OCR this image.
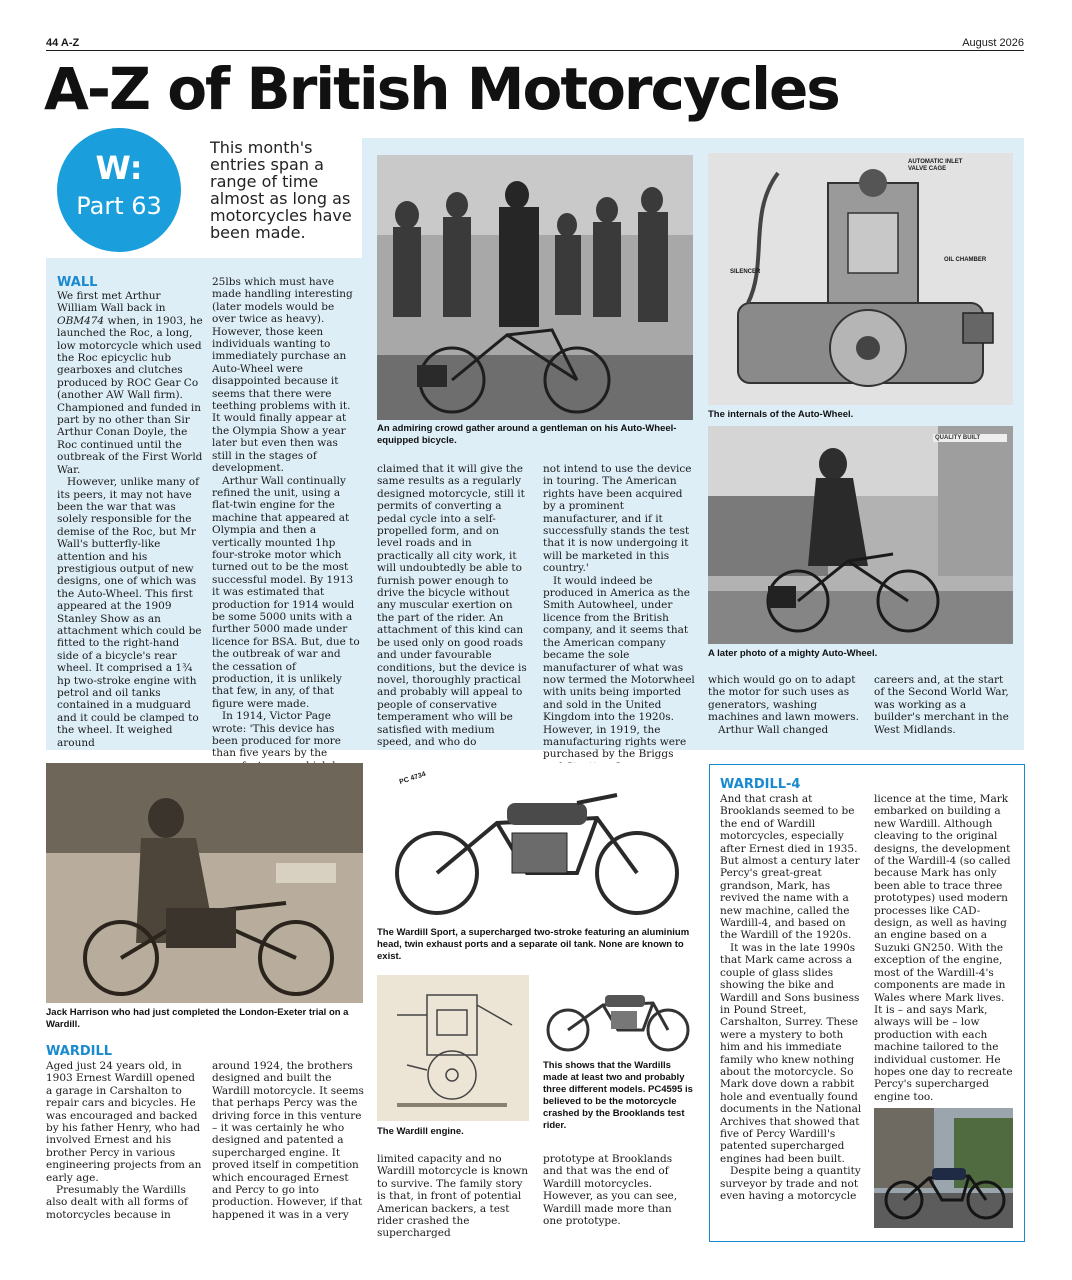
44 A-Z	August 2026
A-Z of British Motorcycles
W:
Part 63
This month's entries span a range of time almost as long as motorcycles have been made.
WALL

We first met Arthur William Wall back in OBM474 when, in 1903, he launched the Roc, a long, low motorcycle which used the Roc epicyclic hub gearboxes and clutches produced by ROC Gear Co (another AW Wall firm). Championed and funded in part by no other than Sir Arthur Conan Doyle, the Roc continued until the outbreak of the First World War.

However, unlike many of its peers, it may not have been the war that was solely responsible for the demise of the Roc, but Mr Wall's butterfly-like attention and his prestigious output of new designs, one of which was the Auto-Wheel. This first appeared at the 1909 Stanley Show as an attachment which could be fitted to the right-hand side of a bicycle's rear wheel. It comprised a 1¾ hp two-stroke engine with petrol and oil tanks contained in a mudguard and it could be clamped to the wheel. It weighed around

25lbs which must have made handling interesting (later models would be over twice as heavy). However, those keen individuals wanting to immediately purchase an Auto-Wheel were disappointed because it seems that there were teething problems with it. It would finally appear at the Olympia Show a year later but even then was still in the stages of development.

Arthur Wall continually refined the unit, using a flat-twin engine for the machine that appeared at Olympia and then a vertically mounted 1hp four-stroke motor which turned out to be the most successful model. By 1913 it was estimated that production for 1914 would be some 5000 units with a further 5000 made under licence for BSA. But, due to the outbreak of war and the cessation of production, it is unlikely that few, in any, of that figure were made.

In 1914, Victor Page wrote: 'This device has been produced for more than five years by the

An admiring crowd gather around a gentleman on his Auto-Wheel-equipped bicycle.
AUTOMATIC INLET VALVE CAGE
SILENCER
OIL CHAMBER
The internals of the Auto-Wheel.
QUALITY BUILT
A later photo of a mighty Auto-Wheel.

claimed that it will give the same results as a regularly designed motorcycle, still it permits of converting a pedal cycle into a self-propelled form, and on level roads and in practically all city work, it will undoubtedly be able to furnish power enough to drive the bicycle without any muscular exertion on the part of the rider. An attachment of this kind can be used only on good roads and under favourable conditions, but the device is novel, thoroughly practical and probably will appeal to people of conservative temperament who will be satisfied with medium speed, and who do

not intend to use the device in touring. The American rights have been acquired by a prominent manufacturer, and if it successfully stands the test that it is now undergoing it will be marketed in this country.'

It would indeed be produced in America as the Smith Autowheel, under licence from the British company, and it seems that the American company became the sole manufacturer of what was now termed the Motorwheel with units being imported and sold in the United Kingdom into the 1920s. However, in 1919, the manufacturing rights were purchased by the Briggs

which would go on to adapt the motor for such uses as generators, washing machines and lawn mowers.

Arthur Wall changed

careers and, at the start of the Second World War, was working as a builder's merchant in the West Midlands.

Jack Harrison who had just completed the London-Exeter trial on a Wardill.
WARDILL

Aged just 24 years old, in 1903 Ernest Wardill opened a garage in Carshalton to repair cars and bicycles. He was encouraged and backed by his father Henry, who had involved Ernest and his brother Percy in various engineering projects from an early age.

Presumably the Wardills also dealt with all forms of motorcycles because in

around 1924, the brothers designed and built the Wardill motorcycle. It seems that perhaps Percy was the driving force in this venture – it was certainly he who designed and patented a supercharged engine. It proved itself in competition which encouraged Ernest and Percy to go into production. However, if that happened it was in a very

PC 4734
The Wardill Sport, a supercharged two-stroke featuring an aluminium head, twin exhaust ports and a separate oil tank. None are known to exist.
The Wardill engine.
This shows that the Wardills made at least two and probably three different models. PC4595 is believed to be the motorcycle crashed by the Brooklands test rider.

limited capacity and no Wardill motorcycle is known to survive. The family story is that, in front of potential American backers, a test rider crashed the supercharged

prototype at Brooklands and that was the end of Wardill motorcycles. However, as you can see, Wardill made more than one prototype.

WARDILL-4

And that crash at Brooklands seemed to be the end of Wardill motorcycles, especially after Ernest died in 1935. But almost a century later Percy's great-great grandson, Mark, has revived the name with a new machine, called the Wardill-4, and based on the Wardill of the 1920s.

It was in the late 1990s that Mark came across a couple of glass slides showing the bike and Wardill and Sons business in Pound Street, Carshalton, Surrey. These were a mystery to both him and his immediate family who knew nothing about the motorcycle. So Mark dove down a rabbit hole and eventually found documents in the National Archives that showed that five of Percy Wardill's patented supercharged engines had been built.

Despite being a quantity surveyor by trade and not even having a motorcycle

licence at the time, Mark embarked on building a new Wardill. Although cleaving to the original designs, the development of the Wardill-4 (so called because Mark has only been able to trace three prototypes) used modern processes like CAD-design, as well as having an engine based on a Suzuki GN250. With the exception of the engine, most of the Wardill-4's components are made in Wales where Mark lives. It is – and says Mark, always will be – low production with each machine tailored to the individual customer. He hopes one day to recreate Percy's supercharged engine too.
